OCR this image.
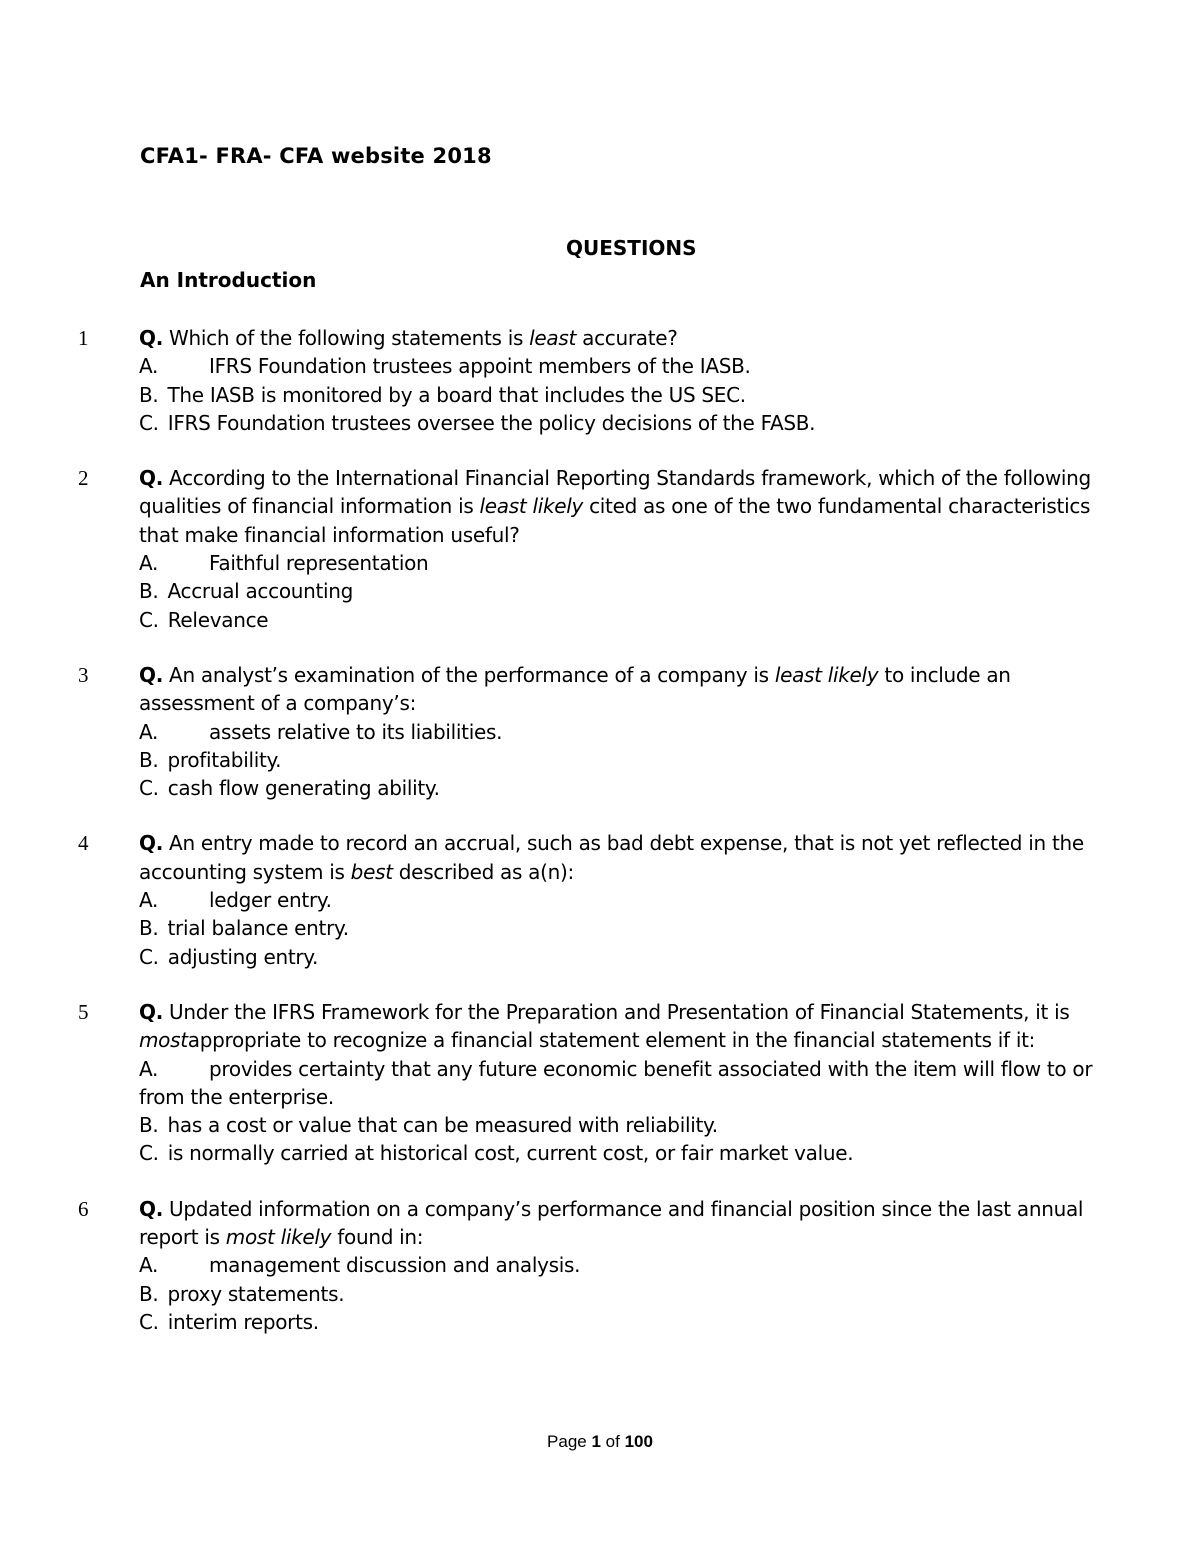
CFA1- FRA- CFA website 2018
QUESTIONS
An Introduction
1	Q. Which of the following statements is least accurate?
A.	IFRS Foundation trustees appoint members of the IASB.
B. The IASB is monitored by a board that includes the US SEC.
C. IFRS Foundation trustees oversee the policy decisions of the FASB.
2	Q. According to the International Financial Reporting Standards framework, which of the following qualities of financial information is least likely cited as one of the two fundamental characteristics that make financial information useful?
A.	Faithful representation
B. Accrual accounting
C. Relevance
3	Q. An analyst’s examination of the performance of a company is least likely to include an assessment of a company’s:
A.	assets relative to its liabilities.
B. profitability.
C. cash flow generating ability.
4	Q. An entry made to record an accrual, such as bad debt expense, that is not yet reflected in the accounting system is best described as a(n):
A.	ledger entry.
B. trial balance entry.
C. adjusting entry.
5	Q. Under the IFRS Framework for the Preparation and Presentation of Financial Statements, it is mostappropriate to recognize a financial statement element in the financial statements if it:
A.	provides certainty that any future economic benefit associated with the item will flow to or from the enterprise.
B. has a cost or value that can be measured with reliability.
C. is normally carried at historical cost, current cost, or fair market value.
6	Q. Updated information on a company’s performance and financial position since the last annual report is most likely found in:
A.	management discussion and analysis.
B. proxy statements.
C. interim reports.
Page 1 of 100
